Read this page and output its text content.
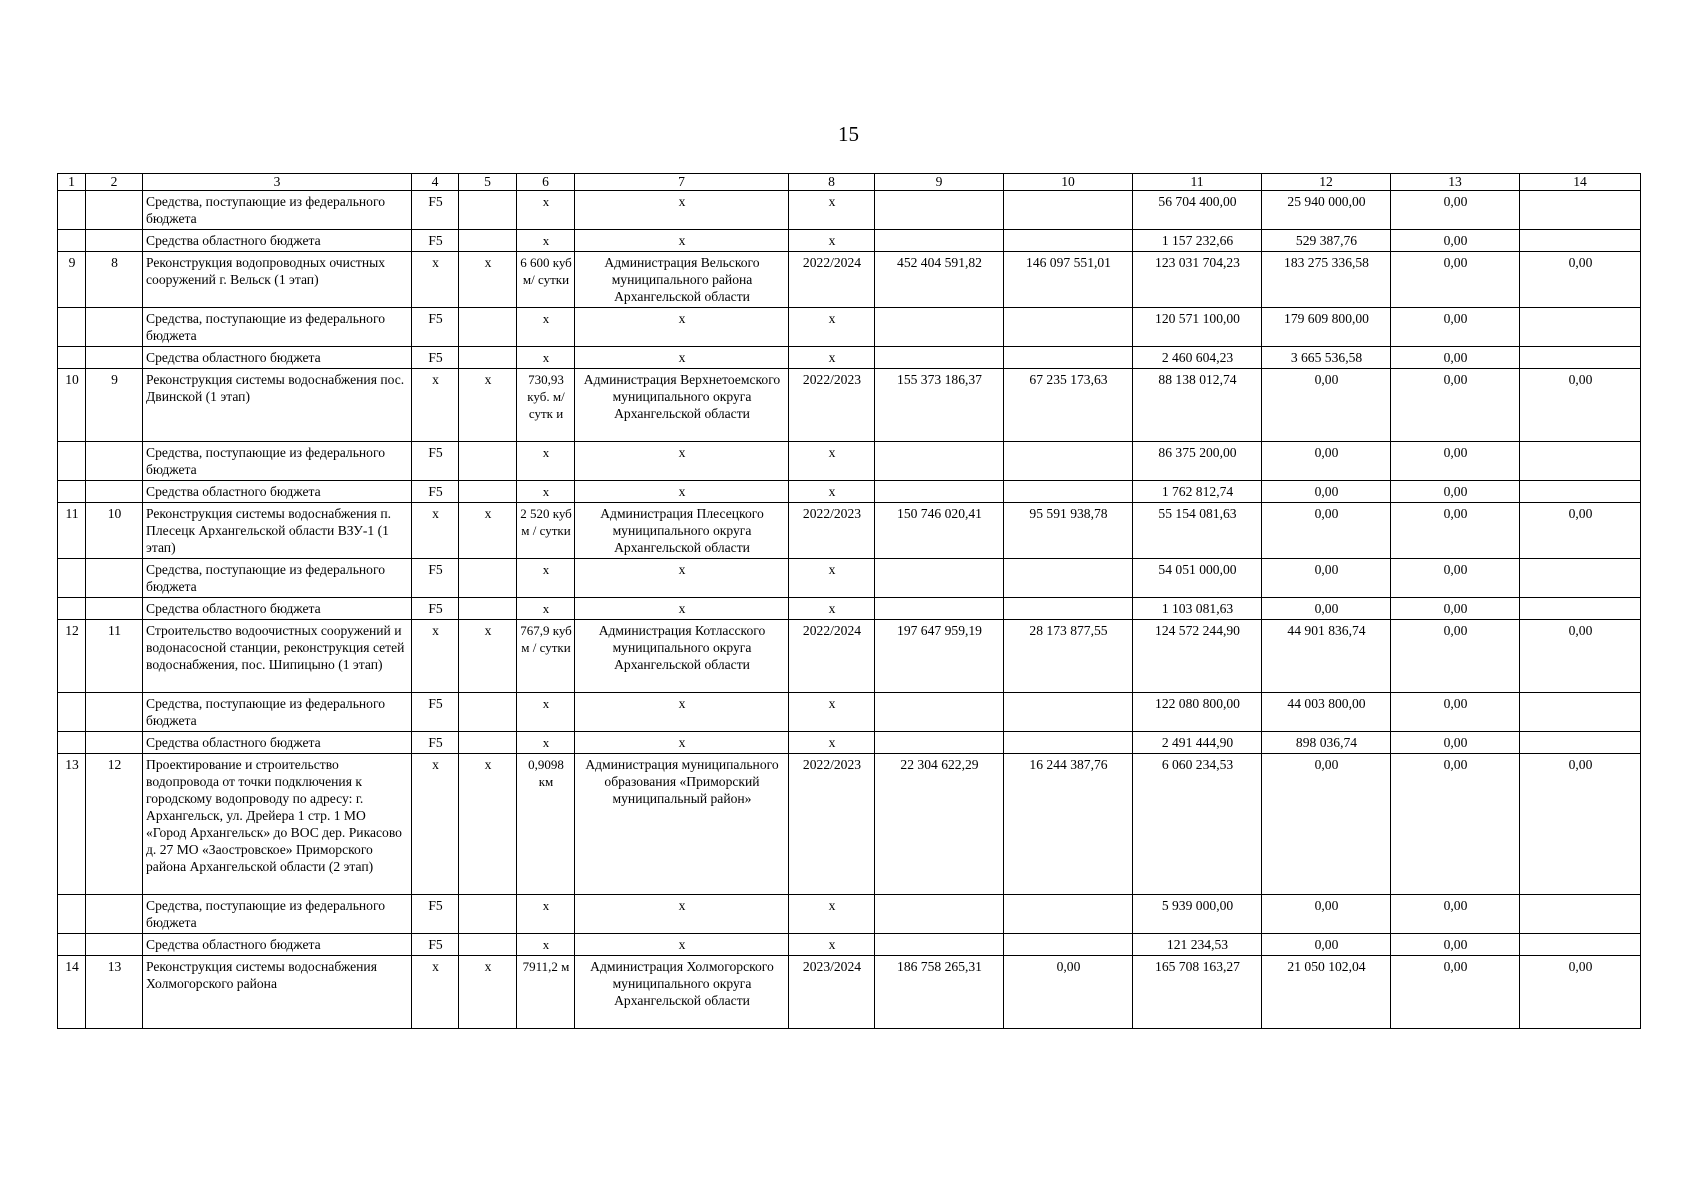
15
1	2	3	4	5	6	7	8	9	10	11	12	13	14
		Средства, поступающие из федерального бюджета	F5		х	х	х			56 704 400,00	25 940 000,00	0,00	
		Средства областного бюджета	F5		х	х	х			1 157 232,66	529 387,76	0,00	
9	8	Реконструкция водопроводных очистных сооружений г. Вельск (1 этап)	х	х	6 600 куб м/ сутки	Администрация Вельского муниципального района Архангельской области	2022/2024	452 404 591,82	146 097 551,01	123 031 704,23	183 275 336,58	0,00	0,00
		Средства, поступающие из федерального бюджета	F5		х	х	х			120 571 100,00	179 609 800,00	0,00	
		Средства областного бюджета	F5		х	х	х			2 460 604,23	3 665 536,58	0,00	
10	9	Реконструкция системы водоснабжения пос. Двинской (1 этап)	х	х	730,93 куб. м/сутк и	Администрация Верхнетоемского муниципального округа Архангельской области	2022/2023	155 373 186,37	67 235 173,63	88 138 012,74	0,00	0,00	0,00
		Средства, поступающие из федерального бюджета	F5		х	х	х			86 375 200,00	0,00	0,00	
		Средства областного бюджета	F5		х	х	х			1 762 812,74	0,00	0,00	
11	10	Реконструкция системы водоснабжения п. Плесецк Архангельской области ВЗУ-1 (1 этап)	х	х	2 520 куб м / сутки	Администрация Плесецкого муниципального округа Архангельской области	2022/2023	150 746 020,41	95 591 938,78	55 154 081,63	0,00	0,00	0,00
		Средства, поступающие из федерального бюджета	F5		х	х	х			54 051 000,00	0,00	0,00	
		Средства областного бюджета	F5		х	х	х			1 103 081,63	0,00	0,00	
12	11	Строительство водоочистных сооружений и водонасосной станции, реконструкция сетей водоснабжения, пос. Шипицыно (1 этап)	х	х	767,9 куб м / сутки	Администрация Котласского муниципального округа Архангельской области	2022/2024	197 647 959,19	28 173 877,55	124 572 244,90	44 901 836,74	0,00	0,00
		Средства, поступающие из федерального бюджета	F5		х	х	х			122 080 800,00	44 003 800,00	0,00	
		Средства областного бюджета	F5		х	х	х			2 491 444,90	898 036,74	0,00	
13	12	Проектирование и строительство водопровода от точки подключения к городскому водопроводу по адресу: г. Архангельск, ул. Дрейера 1 стр. 1 МО «Город Архангельск» до ВОС дер. Рикасово д. 27 МО «Заостровское» Приморского района Архангельской области (2 этап)	х	х	0,9098 км	Администрация муниципального образования «Приморский муниципальный район»	2022/2023	22 304 622,29	16 244 387,76	6 060 234,53	0,00	0,00	0,00
		Средства, поступающие из федерального бюджета	F5		х	х	х			5 939 000,00	0,00	0,00	
		Средства областного бюджета	F5		х	х	х			121 234,53	0,00	0,00	
14	13	Реконструкция системы водоснабжения Холмогорского района	х	х	7911,2 м	Администрация Холмогорского муниципального округа Архангельской области	2023/2024	186 758 265,31	0,00	165 708 163,27	21 050 102,04	0,00	0,00
